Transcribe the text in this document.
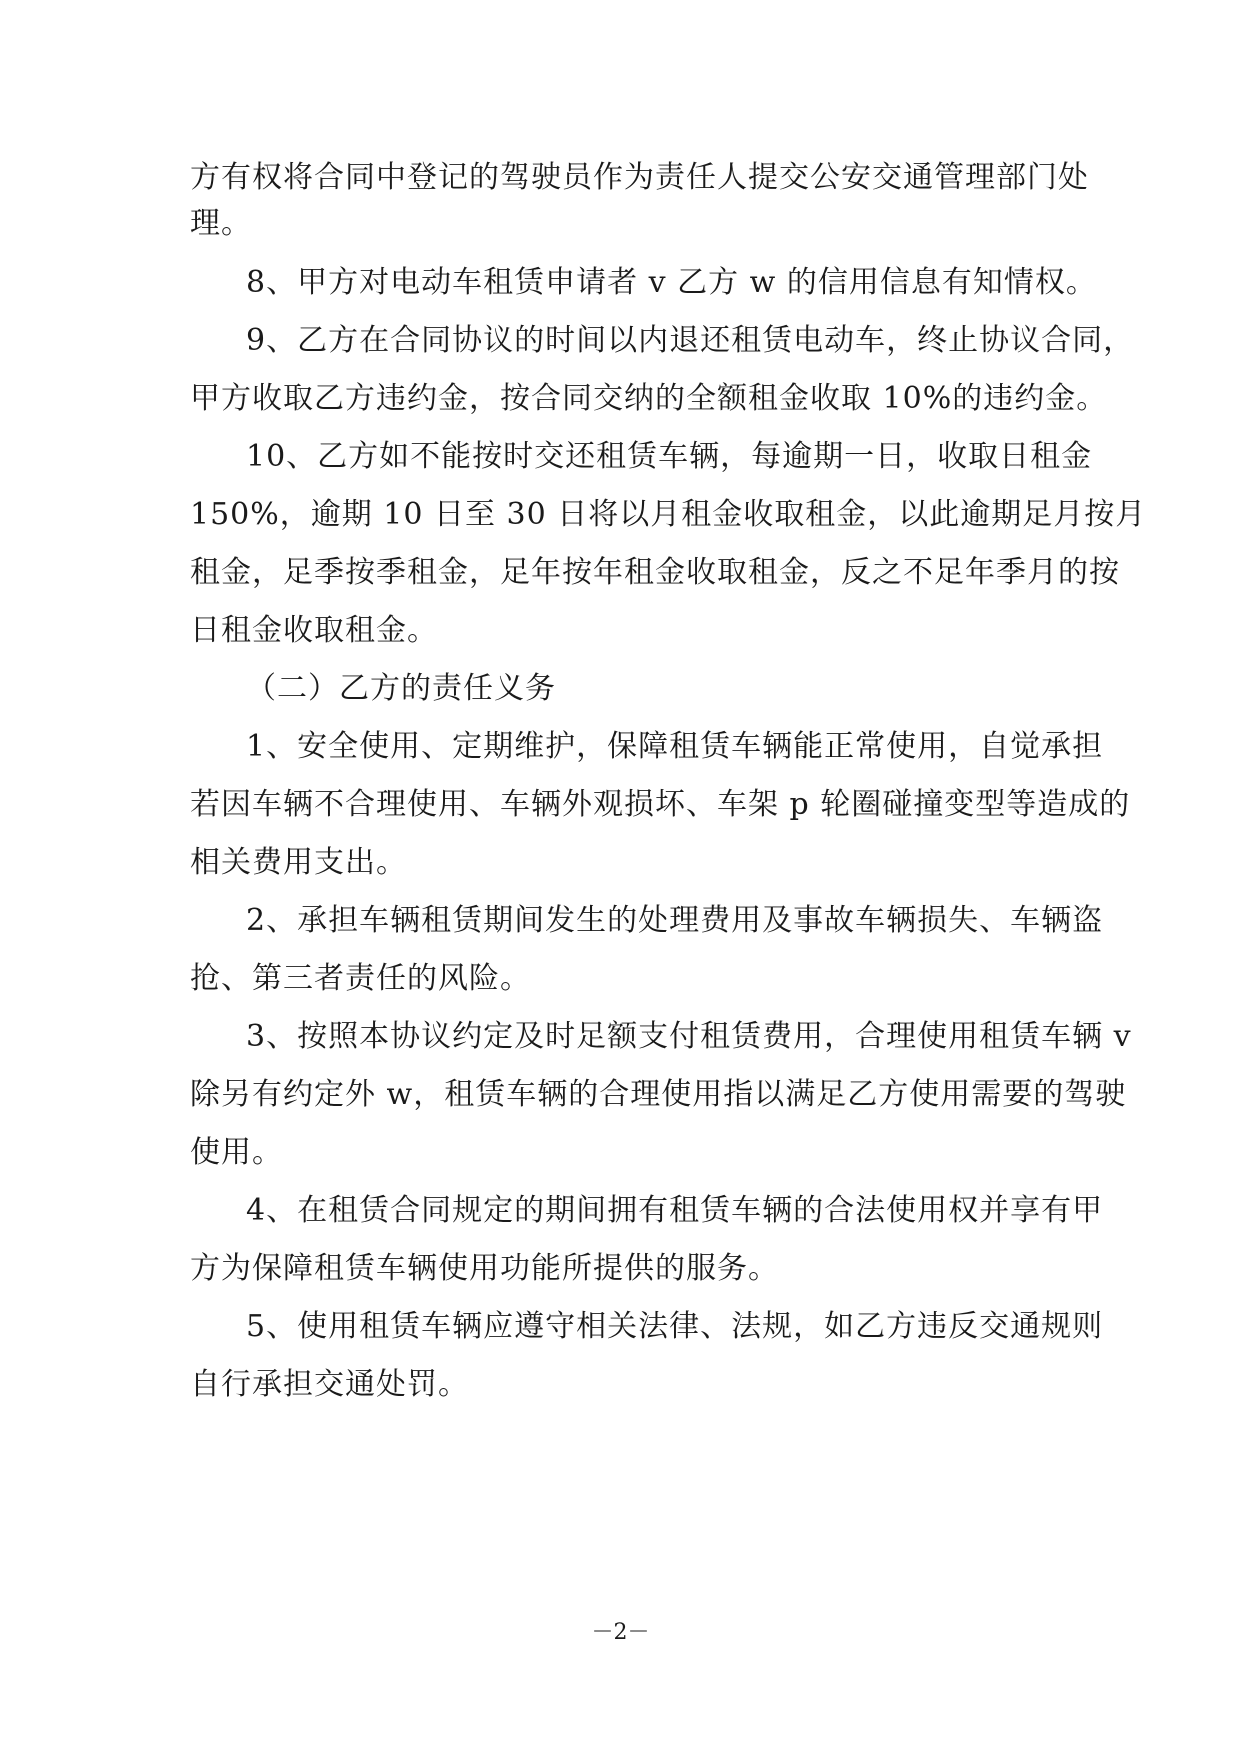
方有权将合同中登记的驾驶员作为责任人提交公安交通管理部门处
理。
8、甲方对电动车租赁申请者 v 乙方 w 的信用信息有知情权。
9、乙方在合同协议的时间以内退还租赁电动车，终止协议合同，
甲方收取乙方违约金，按合同交纳的全额租金收取 10%的违约金。
10、乙方如不能按时交还租赁车辆，每逾期一日，收取日租金
150%，逾期 10 日至 30 日将以月租金收取租金，以此逾期足月按月
租金，足季按季租金，足年按年租金收取租金，反之不足年季月的按
日租金收取租金。
（二）乙方的责任义务
1、安全使用、定期维护，保障租赁车辆能正常使用，自觉承担
若因车辆不合理使用、车辆外观损坏、车架 p 轮圈碰撞变型等造成的
相关费用支出。
2、承担车辆租赁期间发生的处理费用及事故车辆损失、车辆盗
抢、第三者责任的风险。
3、按照本协议约定及时足额支付租赁费用，合理使用租赁车辆 v
除另有约定外 w，租赁车辆的合理使用指以满足乙方使用需要的驾驶
使用。
4、在租赁合同规定的期间拥有租赁车辆的合法使用权并享有甲
方为保障租赁车辆使用功能所提供的服务。
5、使用租赁车辆应遵守相关法律、法规，如乙方违反交通规则
自行承担交通处罚。
－2－
